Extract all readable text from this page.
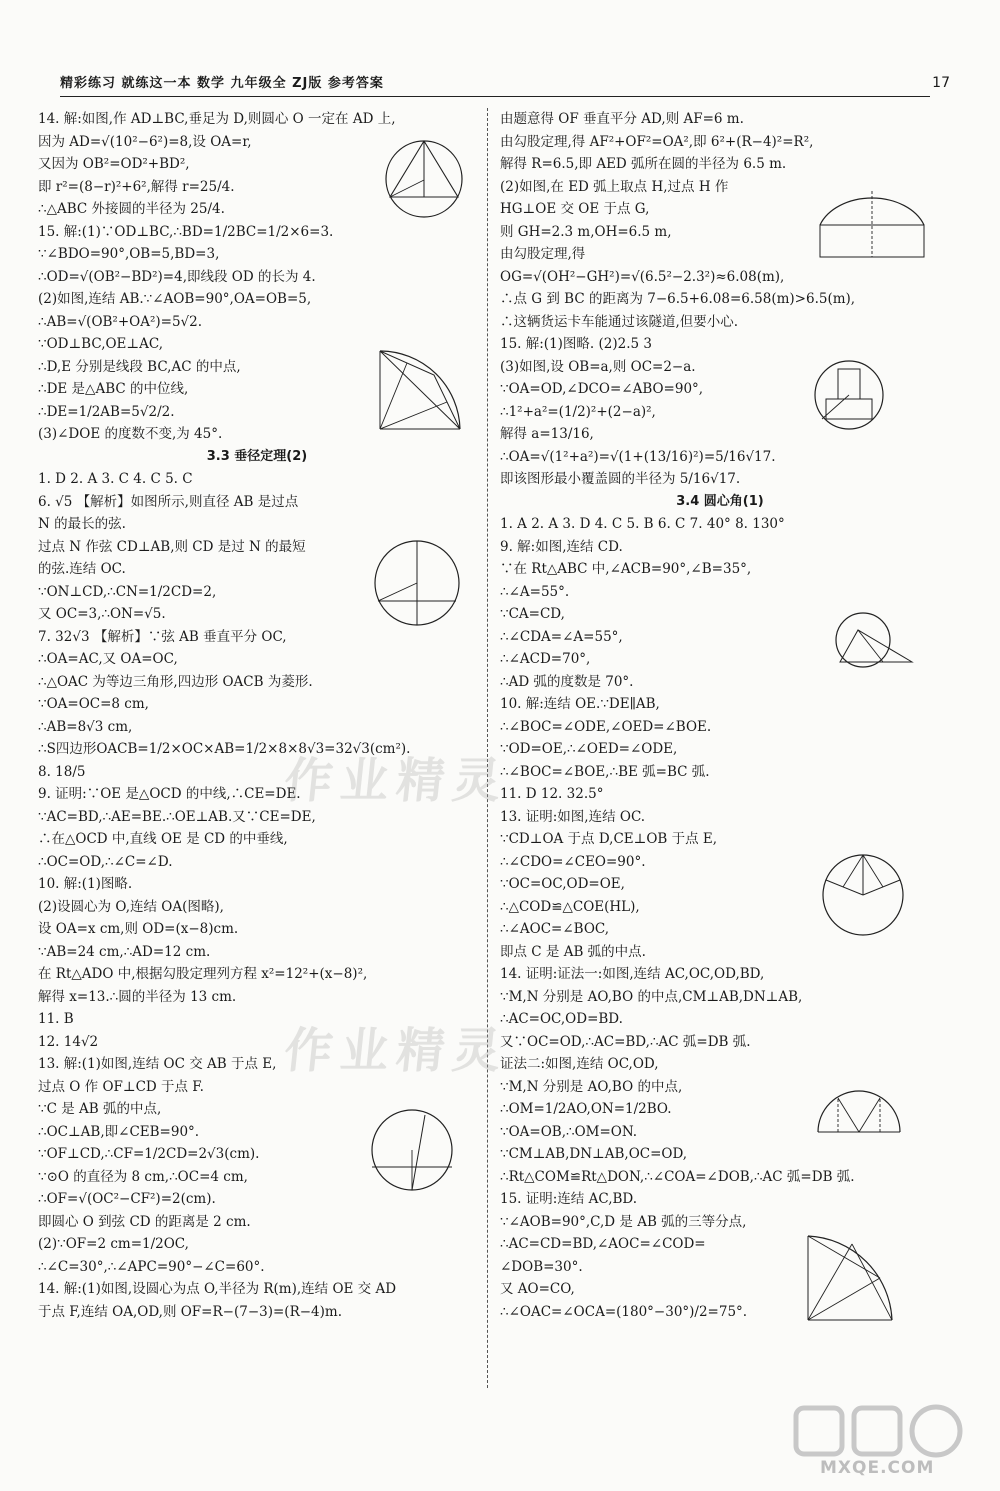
精彩练习 就练这一本 数学 九年级全 ZJ版 参考答案	17
14. 解:如图,作 AD⊥BC,垂足为 D,则圆心 O 一定在 AD 上,
因为 AD=√(10²−6²)=8,设 OA=r,
又因为 OB²=OD²+BD²,
即 r²=(8−r)²+6²,解得 r=25/4.
∴△ABC 外接圆的半径为 25/4.
15. 解:(1)∵OD⊥BC,∴BD=1/2BC=1/2×6=3.
∵∠BDO=90°,OB=5,BD=3,
∴OD=√(OB²−BD²)=4,即线段 OD 的长为 4.
(2)如图,连结 AB.∵∠AOB=90°,OA=OB=5,
∴AB=√(OB²+OA²)=5√2.
∵OD⊥BC,OE⊥AC,
∴D,E 分别是线段 BC,AC 的中点,
∴DE 是△ABC 的中位线,
∴DE=1/2AB=5√2/2.
(3)∠DOE 的度数不变,为 45°.
3.3 垂径定理(2)
1. D 2. A 3. C 4. C 5. C
6. √5 【解析】如图所示,则直径 AB 是过点
N 的最长的弦.
过点 N 作弦 CD⊥AB,则 CD 是过 N 的最短
的弦.连结 OC.
∵ON⊥CD,∴CN=1/2CD=2,
又 OC=3,∴ON=√5.
7. 32√3 【解析】∵弦 AB 垂直平分 OC,
∴OA=AC,又 OA=OC,
∴△OAC 为等边三角形,四边形 OACB 为菱形.
∵OA=OC=8 cm,
∴AB=8√3 cm,
∴S四边形OACB=1/2×OC×AB=1/2×8×8√3=32√3(cm²).
8. 18/5
9. 证明:∵OE 是△OCD 的中线,∴CE=DE.
∵AC=BD,∴AE=BE.∴OE⊥AB.又∵CE=DE,
∴在△OCD 中,直线 OE 是 CD 的中垂线,
∴OC=OD,∴∠C=∠D.
10. 解:(1)图略.
(2)设圆心为 O,连结 OA(图略),
设 OA=x cm,则 OD=(x−8)cm.
∵AB=24 cm,∴AD=12 cm.
在 Rt△ADO 中,根据勾股定理列方程 x²=12²+(x−8)²,
解得 x=13.∴圆的半径为 13 cm.
11. B
12. 14√2
13. 解:(1)如图,连结 OC 交 AB 于点 E,
过点 O 作 OF⊥CD 于点 F.
∵C 是 AB 弧的中点,
∴OC⊥AB,即∠CEB=90°.
∵OF⊥CD,∴CF=1/2CD=2√3(cm).
∵⊙O 的直径为 8 cm,∴OC=4 cm,
∴OF=√(OC²−CF²)=2(cm).
即圆心 O 到弦 CD 的距离是 2 cm.
(2)∵OF=2 cm=1/2OC,
∴∠C=30°,∴∠APC=90°−∠C=60°.
14. 解:(1)如图,设圆心为点 O,半径为 R(m),连结 OE 交 AD
于点 F,连结 OA,OD,则 OF=R−(7−3)=(R−4)m.
由题意得 OF 垂直平分 AD,则 AF=6 m.
由勾股定理,得 AF²+OF²=OA²,即 6²+(R−4)²=R²,
解得 R=6.5,即 AED 弧所在圆的半径为 6.5 m.
(2)如图,在 ED 弧上取点 H,过点 H 作
HG⊥OE 交 OE 于点 G,
则 GH=2.3 m,OH=6.5 m,
由勾股定理,得
OG=√(OH²−GH²)=√(6.5²−2.3²)≈6.08(m),
∴点 G 到 BC 的距离为 7−6.5+6.08=6.58(m)>6.5(m),
∴这辆货运卡车能通过该隧道,但要小心.
15. 解:(1)图略. (2)2.5 3
(3)如图,设 OB=a,则 OC=2−a.
∵OA=OD,∠DCO=∠ABO=90°,
∴1²+a²=(1/2)²+(2−a)²,
解得 a=13/16,
∴OA=√(1²+a²)=√(1+(13/16)²)=5/16√17.
即该图形最小覆盖圆的半径为 5/16√17.
3.4 圆心角(1)
1. A 2. A 3. D 4. C 5. B 6. C 7. 40° 8. 130°
9. 解:如图,连结 CD.
∵在 Rt△ABC 中,∠ACB=90°,∠B=35°,
∴∠A=55°.
∵CA=CD,
∴∠CDA=∠A=55°,
∴∠ACD=70°,
∴AD 弧的度数是 70°.
10. 解:连结 OE.∵DE∥AB,
∴∠BOC=∠ODE,∠OED=∠BOE.
∵OD=OE,∴∠OED=∠ODE,
∴∠BOC=∠BOE,∴BE 弧=BC 弧.
11. D 12. 32.5°
13. 证明:如图,连结 OC.
∵CD⊥OA 于点 D,CE⊥OB 于点 E,
∴∠CDO=∠CEO=90°.
∵OC=OC,OD=OE,
∴△COD≌△COE(HL),
∴∠AOC=∠BOC,
即点 C 是 AB 弧的中点.
14. 证明:证法一:如图,连结 AC,OC,OD,BD,
∵M,N 分别是 AO,BO 的中点,CM⊥AB,DN⊥AB,
∴AC=OC,OD=BD.
又∵OC=OD,∴AC=BD,∴AC 弧=DB 弧.
证法二:如图,连结 OC,OD,
∵M,N 分别是 AO,BO 的中点,
∴OM=1/2AO,ON=1/2BO.
∵OA=OB,∴OM=ON.
∵CM⊥AB,DN⊥AB,OC=OD,
∴Rt△COM≌Rt△DON,∴∠COA=∠DOB,∴AC 弧=DB 弧.
15. 证明:连结 AC,BD.
∵∠AOB=90°,C,D 是 AB 弧的三等分点,
∴AC=CD=BD,∠AOC=∠COD=
∠DOB=30°.
又 AO=CO,
∴∠OAC=∠OCA=(180°−30°)/2=75°.
作业精灵
作业精灵
MXQE.COM
